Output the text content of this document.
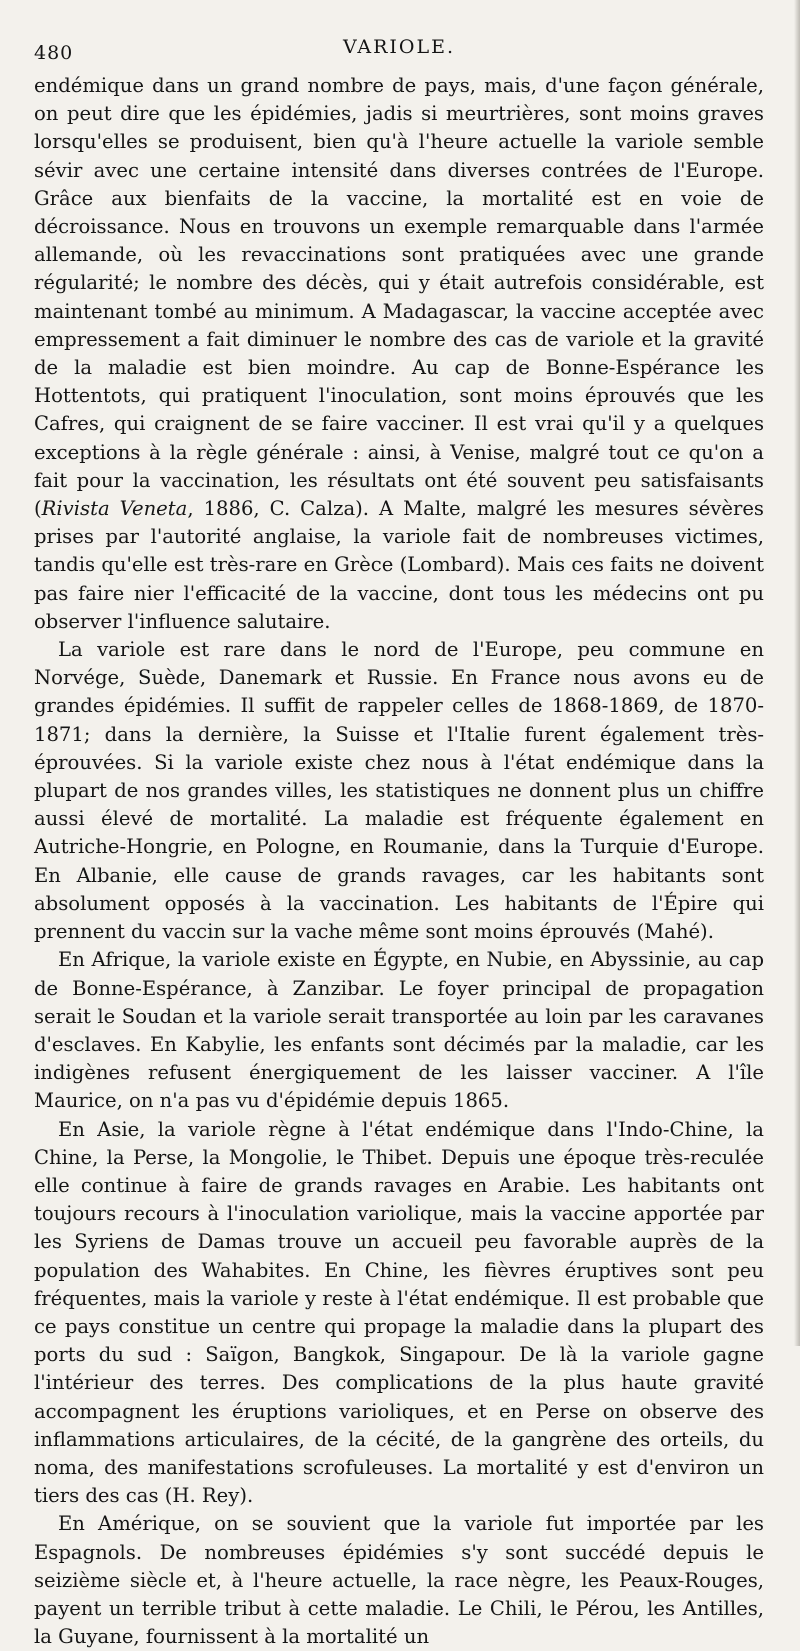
480	VARIOLE.

endémique dans un grand nombre de pays, mais, d'une façon générale, on peut dire que les épidémies, jadis si meurtrières, sont moins graves lorsqu'elles se produisent, bien qu'à l'heure actuelle la variole semble sévir avec une certaine intensité dans diverses contrées de l'Europe. Grâce aux bienfaits de la vaccine, la mortalité est en voie de décroissance. Nous en trouvons un exemple remarquable dans l'armée allemande, où les revaccinations sont pratiquées avec une grande régularité; le nombre des décès, qui y était autrefois considérable, est maintenant tombé au minimum. A Madagascar, la vaccine acceptée avec empressement a fait diminuer le nombre des cas de variole et la gravité de la maladie est bien moindre. Au cap de Bonne-Espérance les Hottentots, qui pratiquent l'inoculation, sont moins éprouvés que les Cafres, qui craignent de se faire vacciner. Il est vrai qu'il y a quelques exceptions à la règle générale : ainsi, à Venise, malgré tout ce qu'on a fait pour la vaccination, les résultats ont été souvent peu satisfaisants (Rivista Veneta, 1886, C. Calza). A Malte, malgré les mesures sévères prises par l'autorité anglaise, la variole fait de nombreuses victimes, tandis qu'elle est très-rare en Grèce (Lombard). Mais ces faits ne doivent pas faire nier l'efficacité de la vaccine, dont tous les médecins ont pu observer l'influence salutaire.

La variole est rare dans le nord de l'Europe, peu commune en Norvége, Suède, Danemark et Russie. En France nous avons eu de grandes épidémies. Il suffit de rappeler celles de 1868-1869, de 1870-1871; dans la dernière, la Suisse et l'Italie furent également très-éprouvées. Si la variole existe chez nous à l'état endémique dans la plupart de nos grandes villes, les statistiques ne donnent plus un chiffre aussi élevé de mortalité. La maladie est fréquente également en Autriche-Hongrie, en Pologne, en Roumanie, dans la Turquie d'Europe. En Albanie, elle cause de grands ravages, car les habitants sont absolument opposés à la vaccination. Les habitants de l'Épire qui prennent du vaccin sur la vache même sont moins éprouvés (Mahé).

En Afrique, la variole existe en Égypte, en Nubie, en Abyssinie, au cap de Bonne-Espérance, à Zanzibar. Le foyer principal de propagation serait le Soudan et la variole serait transportée au loin par les caravanes d'esclaves. En Kabylie, les enfants sont décimés par la maladie, car les indigènes refusent énergiquement de les laisser vacciner. A l'île Maurice, on n'a pas vu d'épidémie depuis 1865.

En Asie, la variole règne à l'état endémique dans l'Indo-Chine, la Chine, la Perse, la Mongolie, le Thibet. Depuis une époque très-reculée elle continue à faire de grands ravages en Arabie. Les habitants ont toujours recours à l'inoculation variolique, mais la vaccine apportée par les Syriens de Damas trouve un accueil peu favorable auprès de la population des Wahabites. En Chine, les fièvres éruptives sont peu fréquentes, mais la variole y reste à l'état endémique. Il est probable que ce pays constitue un centre qui propage la maladie dans la plupart des ports du sud : Saïgon, Bangkok, Singapour. De là la variole gagne l'intérieur des terres. Des complications de la plus haute gravité accompagnent les éruptions varioliques, et en Perse on observe des inflammations articulaires, de la cécité, de la gangrène des orteils, du noma, des manifestations scrofuleuses. La mortalité y est d'environ un tiers des cas (H. Rey).

En Amérique, on se souvient que la variole fut importée par les Espagnols. De nombreuses épidémies s'y sont succédé depuis le seizième siècle et, à l'heure actuelle, la race nègre, les Peaux-Rouges, payent un terrible tribut à cette maladie. Le Chili, le Pérou, les Antilles, la Guyane, fournissent à la mortalité un
